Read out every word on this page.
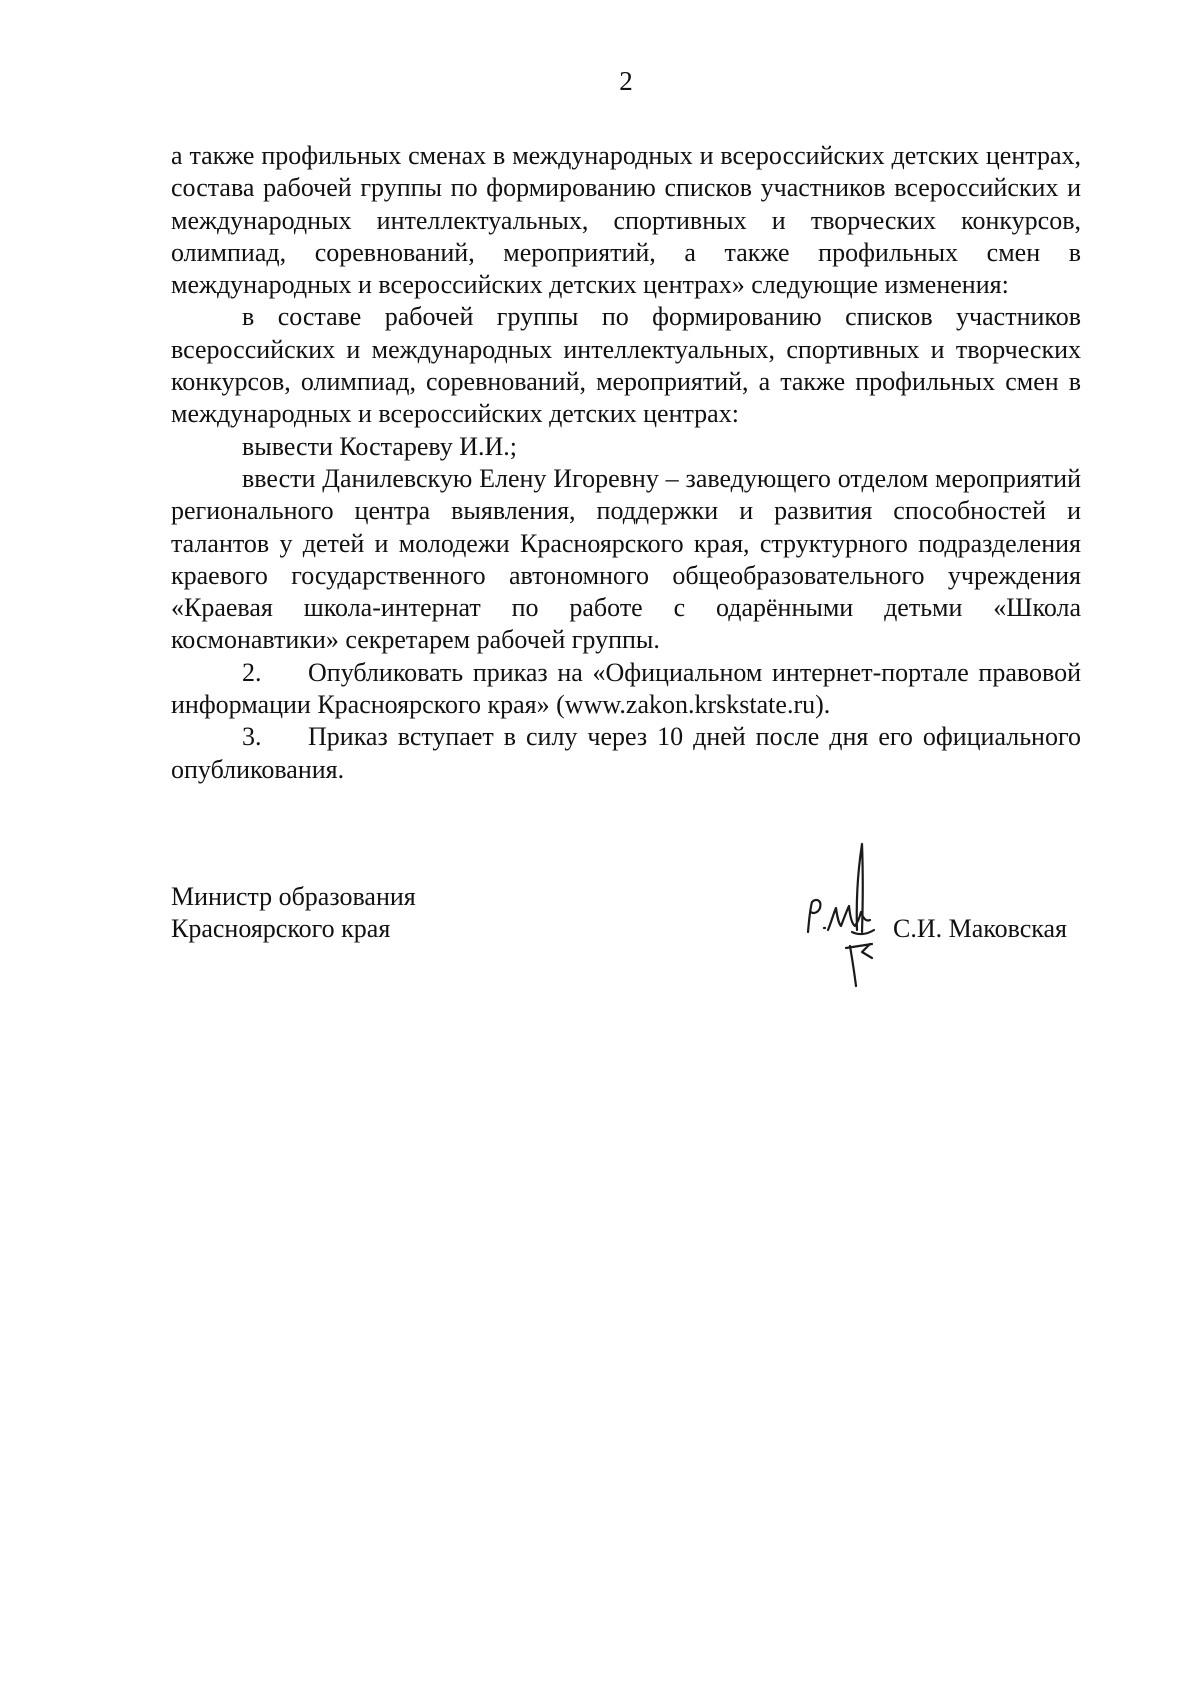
2

а также профильных сменах в международных и всероссийских детских центрах, состава рабочей группы по формированию списков участников всероссийских и международных интеллектуальных, спортивных и творческих конкурсов, олимпиад, соревнований, мероприятий, а также профильных смен в международных и всероссийских детских центрах» следующие изменения:

в составе рабочей группы по формированию списков участников всероссийских и международных интеллектуальных, спортивных и творческих конкурсов, олимпиад, соревнований, мероприятий, а также профильных смен в международных и всероссийских детских центрах:

вывести Костареву И.И.;

ввести Данилевскую Елену Игоревну – заведующего отделом мероприятий регионального центра выявления, поддержки и развития способностей и талантов у детей и молодежи Красноярского края, структурного подразделения краевого государственного автономного общеобразовательного учреждения «Краевая школа-интернат по работе с одарёнными детьми «Школа космонавтики» секретарем рабочей группы.

2. Опубликовать приказ на «Официальном интернет-портале правовой информации Красноярского края» (www.zakon.krskstate.ru).

3. Приказ вступает в силу через 10 дней после дня его официального опубликования.

Министр образования

Красноярского края	С.И. Маковская
